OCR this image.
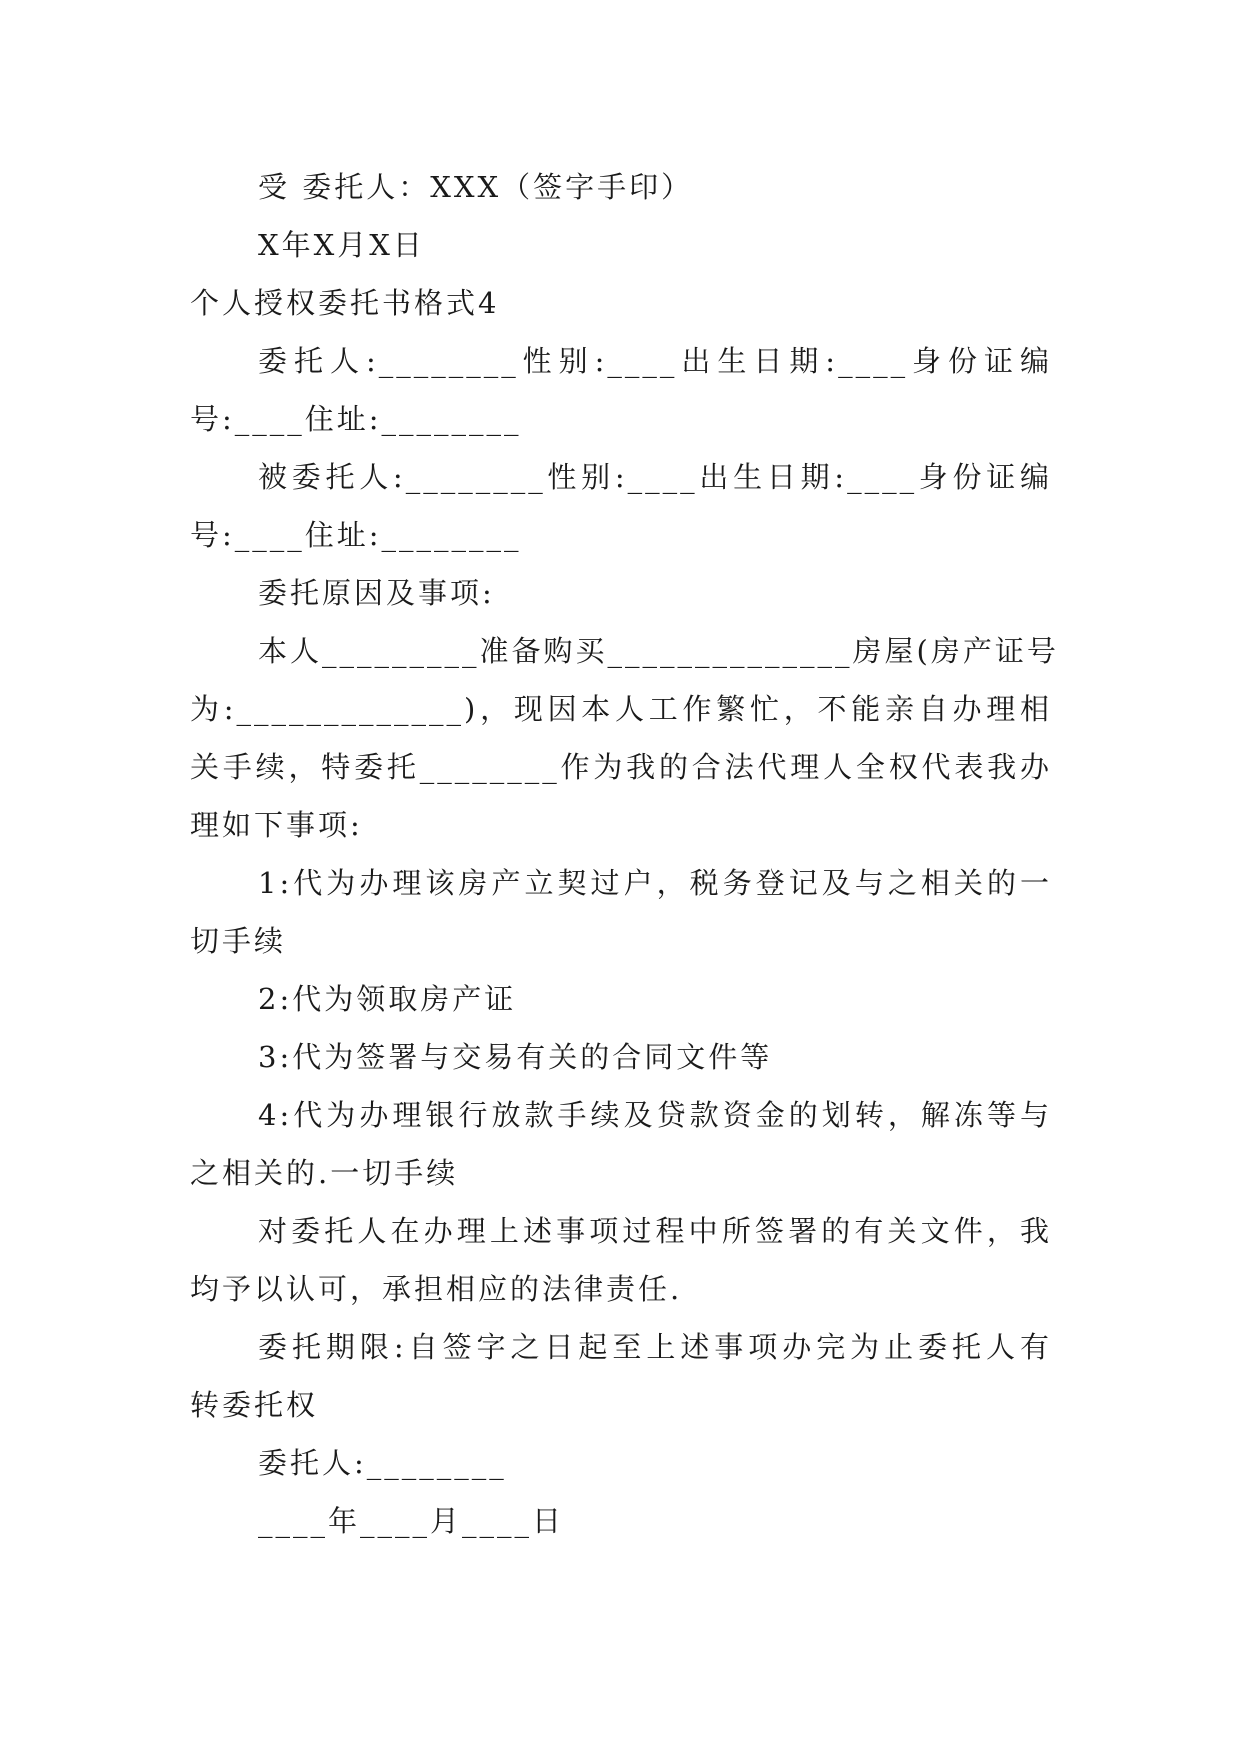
受 委托人：XXX（签字手印）
X年X月X日
个人授权委托书格式4
委托人:________性别:____出生日期:____身份证编
号:____住址:________
被委托人:________性别:____出生日期:____身份证编
号:____住址:________
委托原因及事项:
本人_________准备购买______________房屋(房产证号
为:_____________)，现因本人工作繁忙，不能亲自办理相
关手续，特委托________作为我的合法代理人全权代表我办
理如下事项:
1:代为办理该房产立契过户，税务登记及与之相关的一
切手续
2:代为领取房产证
3:代为签署与交易有关的合同文件等
4:代为办理银行放款手续及贷款资金的划转，解冻等与
之相关的.一切手续
对委托人在办理上述事项过程中所签署的有关文件，我
均予以认可，承担相应的法律责任.
委托期限:自签字之日起至上述事项办完为止委托人有
转委托权
委托人:________
____年____月____日
